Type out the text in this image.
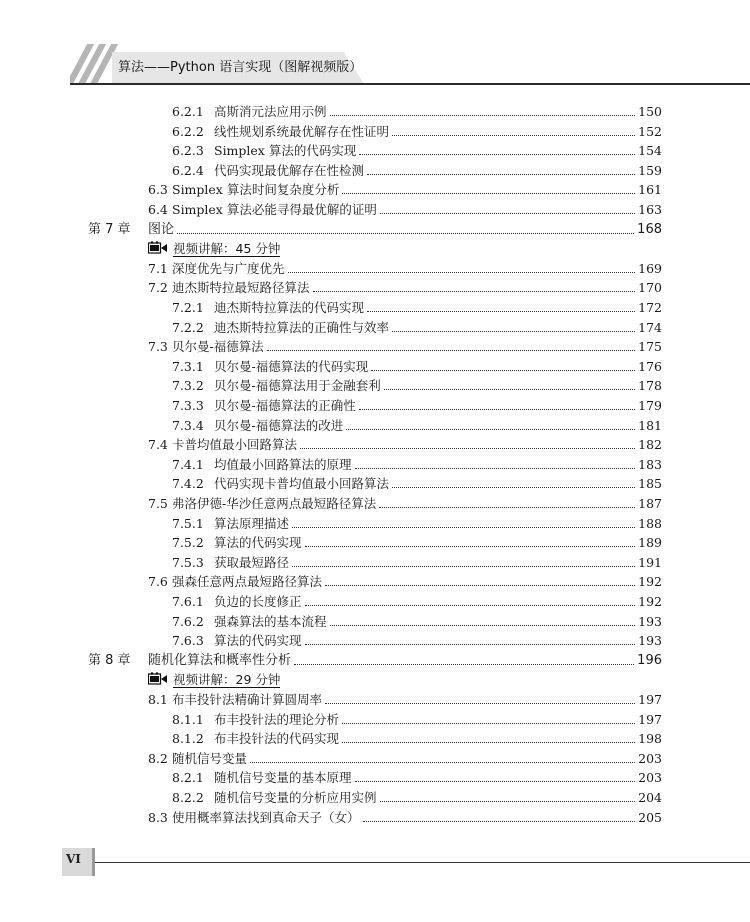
算法——Python 语言实现（图解视频版）
6.2.1 高斯消元法应用示例	150
6.2.2 线性规划系统最优解存在性证明	152
6.2.3 Simplex 算法的代码实现	154
6.2.4 代码实现最优解存在性检测	159
6.3 Simplex 算法时间复杂度分析	161
6.4 Simplex 算法必能寻得最优解的证明	163
第 7 章 图论	168
视频讲解：45 分钟
7.1 深度优先与广度优先	169
7.2 迪杰斯特拉最短路径算法	170
7.2.1 迪杰斯特拉算法的代码实现	172
7.2.2 迪杰斯特拉算法的正确性与效率	174
7.3 贝尔曼-福德算法	175
7.3.1 贝尔曼-福德算法的代码实现	176
7.3.2 贝尔曼-福德算法用于金融套利	178
7.3.3 贝尔曼-福德算法的正确性	179
7.3.4 贝尔曼-福德算法的改进	181
7.4 卡普均值最小回路算法	182
7.4.1 均值最小回路算法的原理	183
7.4.2 代码实现卡普均值最小回路算法	185
7.5 弗洛伊德-华沙任意两点最短路径算法	187
7.5.1 算法原理描述	188
7.5.2 算法的代码实现	189
7.5.3 获取最短路径	191
7.6 强森任意两点最短路径算法	192
7.6.1 负边的长度修正	192
7.6.2 强森算法的基本流程	193
7.6.3 算法的代码实现	193
第 8 章 随机化算法和概率性分析	196
视频讲解：29 分钟
8.1 布丰投针法精确计算圆周率	197
8.1.1 布丰投针法的理论分析	197
8.1.2 布丰投针法的代码实现	198
8.2 随机信号变量	203
8.2.1 随机信号变量的基本原理	203
8.2.2 随机信号变量的分析应用实例	204
8.3 使用概率算法找到真命天子（女）	205
VI
